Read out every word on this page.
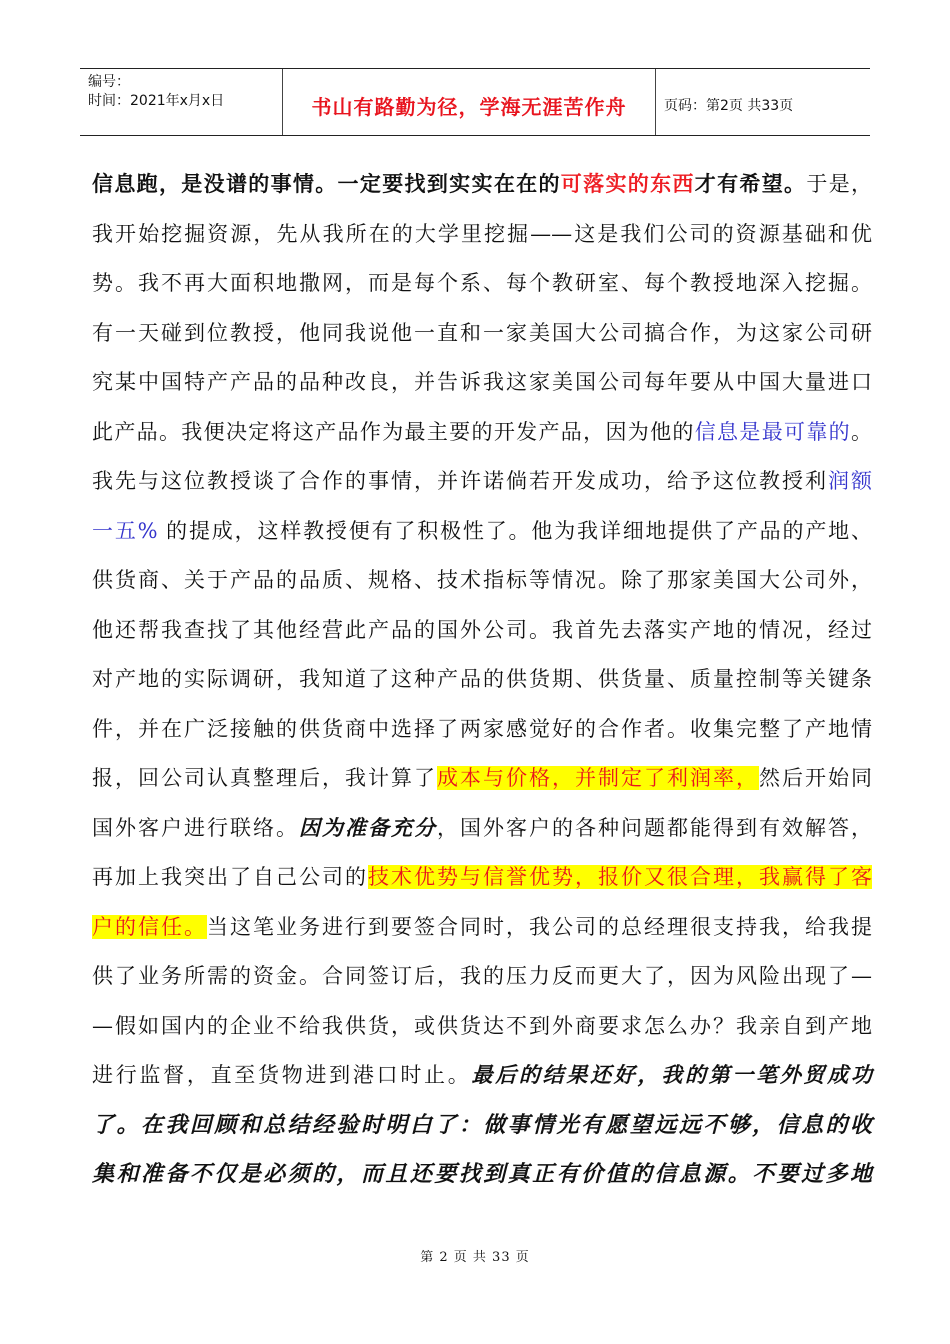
编号：
时间：2021年x月x日	书山有路勤为径，学海无涯苦作舟	页码：第2页 共33页
信息跑，是没谱的事情。一定要找到实实在在的可落实的东西才有希望。于是，
我开始挖掘资源，先从我所在的大学里挖掘——这是我们公司的资源基础和优
势。我不再大面积地撒网，而是每个系、每个教研室、每个教授地深入挖掘。
有一天碰到位教授，他同我说他一直和一家美国大公司搞合作，为这家公司研
究某中国特产产品的品种改良，并告诉我这家美国公司每年要从中国大量进口
此产品。我便决定将这产品作为最主要的开发产品，因为他的信息是最可靠的。
我先与这位教授谈了合作的事情，并许诺倘若开发成功，给予这位教授利润额
一五% 的提成，这样教授便有了积极性了。他为我详细地提供了产品的产地、
供货商、关于产品的品质、规格、技术指标等情况。除了那家美国大公司外，
他还帮我查找了其他经营此产品的国外公司。我首先去落实产地的情况，经过
对产地的实际调研，我知道了这种产品的供货期、供货量、质量控制等关键条
件，并在广泛接触的供货商中选择了两家感觉好的合作者。收集完整了产地情
报，回公司认真整理后，我计算了成本与价格，并制定了利润率，然后开始同
国外客户进行联络。因为准备充分，国外客户的各种问题都能得到有效解答，
再加上我突出了自己公司的技术优势与信誉优势，报价又很合理，我赢得了客
户的信任。当这笔业务进行到要签合同时，我公司的总经理很支持我，给我提
供了业务所需的资金。合同签订后，我的压力反而更大了，因为风险出现了—
—假如国内的企业不给我供货，或供货达不到外商要求怎么办？我亲自到产地
进行监督，直至货物进到港口时止。最后的结果还好，我的第一笔外贸成功
了。在我回顾和总结经验时明白了：做事情光有愿望远远不够，信息的收
集和准备不仅是必须的，而且还要找到真正有价值的信息源。不要过多地
第 2 页 共 33 页
